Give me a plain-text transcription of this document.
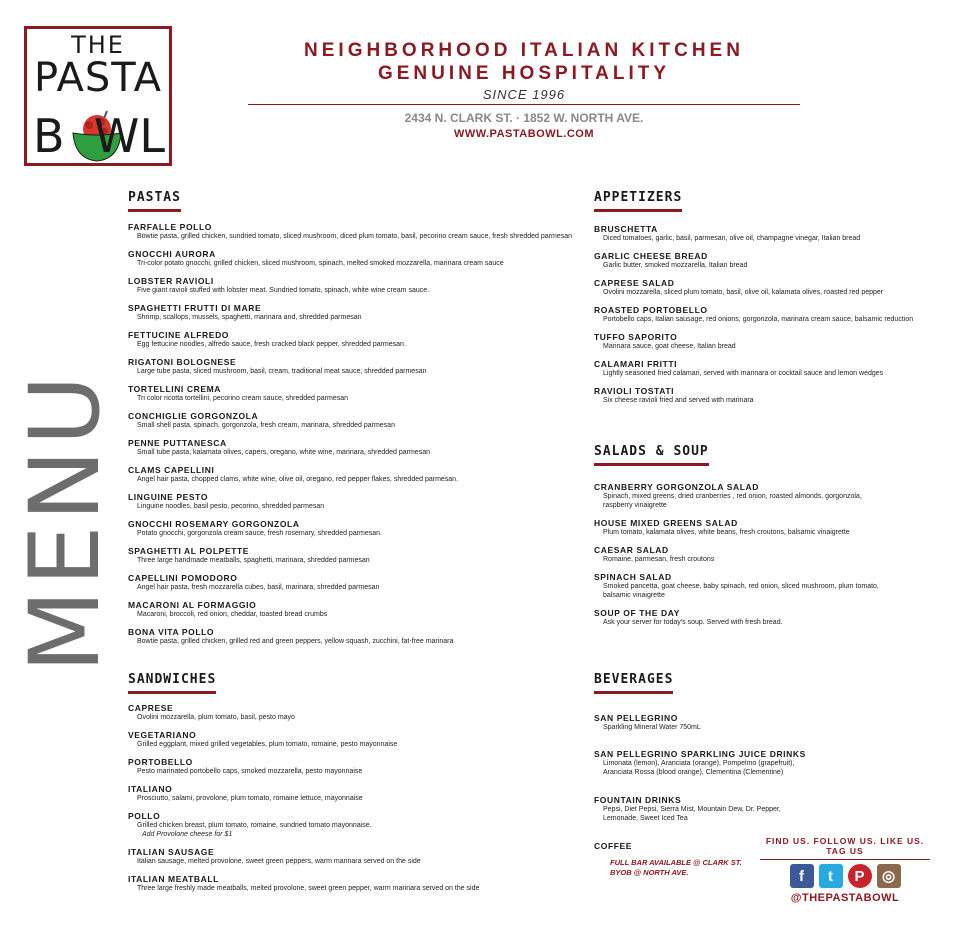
THE
PASTA
B WL
NEIGHBORHOOD ITALIAN KITCHEN
GENUINE HOSPITALITY
SINCE 1996
2434 N. CLARK ST. · 1852 W. NORTH AVE.
WWW.PASTABOWL.COM
MENU
PASTAS
FARFALLE POLLO
Bowtie pasta, grilled chicken, sundried tomato, sliced mushroom, diced plum tomato, basil, pecorino cream sauce, fresh shredded parmesan
GNOCCHI AURORA
Tri-color potato gnocchi, grilled chicken, sliced mushroom, spinach, melted smoked mozzarella, marinara cream sauce
LOBSTER RAVIOLI
Five giant ravioli stuffed with lobster meat. Sundried tomato, spinach, white wine cream sauce.
SPAGHETTI FRUTTI DI MARE
Shrimp, scallops, mussels, spaghetti, marinara and, shredded parmesan
FETTUCINE ALFREDO
Egg fettucine noodles, alfredo sauce, fresh cracked black pepper, shredded parmesan.
RIGATONI BOLOGNESE
Large tube pasta, sliced mushroom, basil, cream, traditional meat sauce, shredded parmesan
TORTELLINI CREMA
Tri color ricotta tortellini, pecorino cream sauce, shredded parmesan
CONCHIGLIE GORGONZOLA
Small shell pasta, spinach, gorgonzola, fresh cream, marinara, shredded parmesan
PENNE PUTTANESCA
Small tube pasta, kalamata olives, capers, oregano, white wine, marinara, shredded parmesan
CLAMS CAPELLINI
Angel hair pasta, chopped clams, white wine, olive oil, oregano, red pepper flakes, shredded parmesan.
LINGUINE PESTO
Linguine noodles, basil pesto, pecorino, shredded parmesan
GNOCCHI ROSEMARY GORGONZOLA
Potato gnocchi, gorgonzola cream sauce, fresh rosemary, shredded parmesan.
SPAGHETTI AL POLPETTE
Three large handmade meatballs, spaghetti, marinara, shredded parmesan
CAPELLINI POMODORO
Angel hair pasta, fresh mozzarella cubes, basil, marinara, shredded parmesan
MACARONI AL FORMAGGIO
Macaroni, broccoli, red onion, cheddar, toasted bread crumbs
BONA VITA POLLO
Bowtie pasta, grilled chicken, grilled red and green peppers, yellow squash, zucchini, fat-free marinara
SANDWICHES
CAPRESE
Ovolini mozzarella, plum tomato, basil, pesto mayo
VEGETARIANO
Grilled eggplant, mixed grilled vegetables, plum tomato, romaine, pesto mayonnaise
PORTOBELLO
Pesto marinated portobello caps, smoked mozzarella, pesto mayonnaise
ITALIANO
Prosciutto, salami, provolone, plum tomato, romaine lettuce, mayonnaise
POLLO
Grilled chicken breast, plum tomato, romaine, sundried tomato mayonnaise.
Add Provolone cheese for $1
ITALIAN SAUSAGE
Italian sausage, melted provolone, sweet green peppers, warm marinara served on the side
ITALIAN MEATBALL
Three large freshly made meatballs, melted provolone, sweet green pepper, warm marinara served on the side
APPETIZERS
BRUSCHETTA
Diced tomatoes, garlic, basil, parmesan, olive oil, champagne vinegar, Italian bread
GARLIC CHEESE BREAD
Garlic butter, smoked mozzarella, Italian bread
CAPRESE SALAD
Ovolini mozzarella, sliced plum tomato, basil, olive oil, kalamata olives, roasted red pepper
ROASTED PORTOBELLO
Portobello caps, Italian sausage, red onions, gorgonzola, marinara cream sauce, balsamic reduction
TUFFO SAPORITO
Marinara sauce, goat cheese, Italian bread
CALAMARI FRITTI
Lightly seasoned fried calamari, served with marinara or cocktail sauce and lemon wedges
RAVIOLI TOSTATI
Six cheese ravioli fried and served with marinara
SALADS & SOUP
CRANBERRY GORGONZOLA SALAD
Spinach, mixed greens, dried cranberries , red onion, roasted almonds, gorgonzola,
raspberry vinaigrette
HOUSE MIXED GREENS SALAD
Plum tomato, kalamata olives, white beans, fresh croutons, balsamic vinaigrette
CAESAR SALAD
Romaine, parmesan, fresh croutons
SPINACH SALAD
Smoked pancetta, goat cheese, baby spinach, red onion, sliced mushroom, plum tomato,
balsamic vinaigrette
SOUP OF THE DAY
Ask your server for today's soup. Served with fresh bread.
BEVERAGES
SAN PELLEGRINO
Sparkling Mineral Water 750mL
SAN PELLEGRINO SPARKLING JUICE DRINKS
Limonata (lemon), Aranciata (orange), Pompelmo (grapefruit),
Aranciata Rossa (blood orange), Clementina (Clementine)
FOUNTAIN DRINKS
Pepsi, Diet Pepsi, Sierra Mist, Mountain Dew, Dr. Pepper,
Lemonade, Sweet Iced Tea
COFFEE
FULL BAR AVAILABLE @ CLARK ST.
BYOB @ NORTH AVE.
FIND US. FOLLOW US. LIKE US. TAG US
f	t	P	◎
@THEPASTABOWL
